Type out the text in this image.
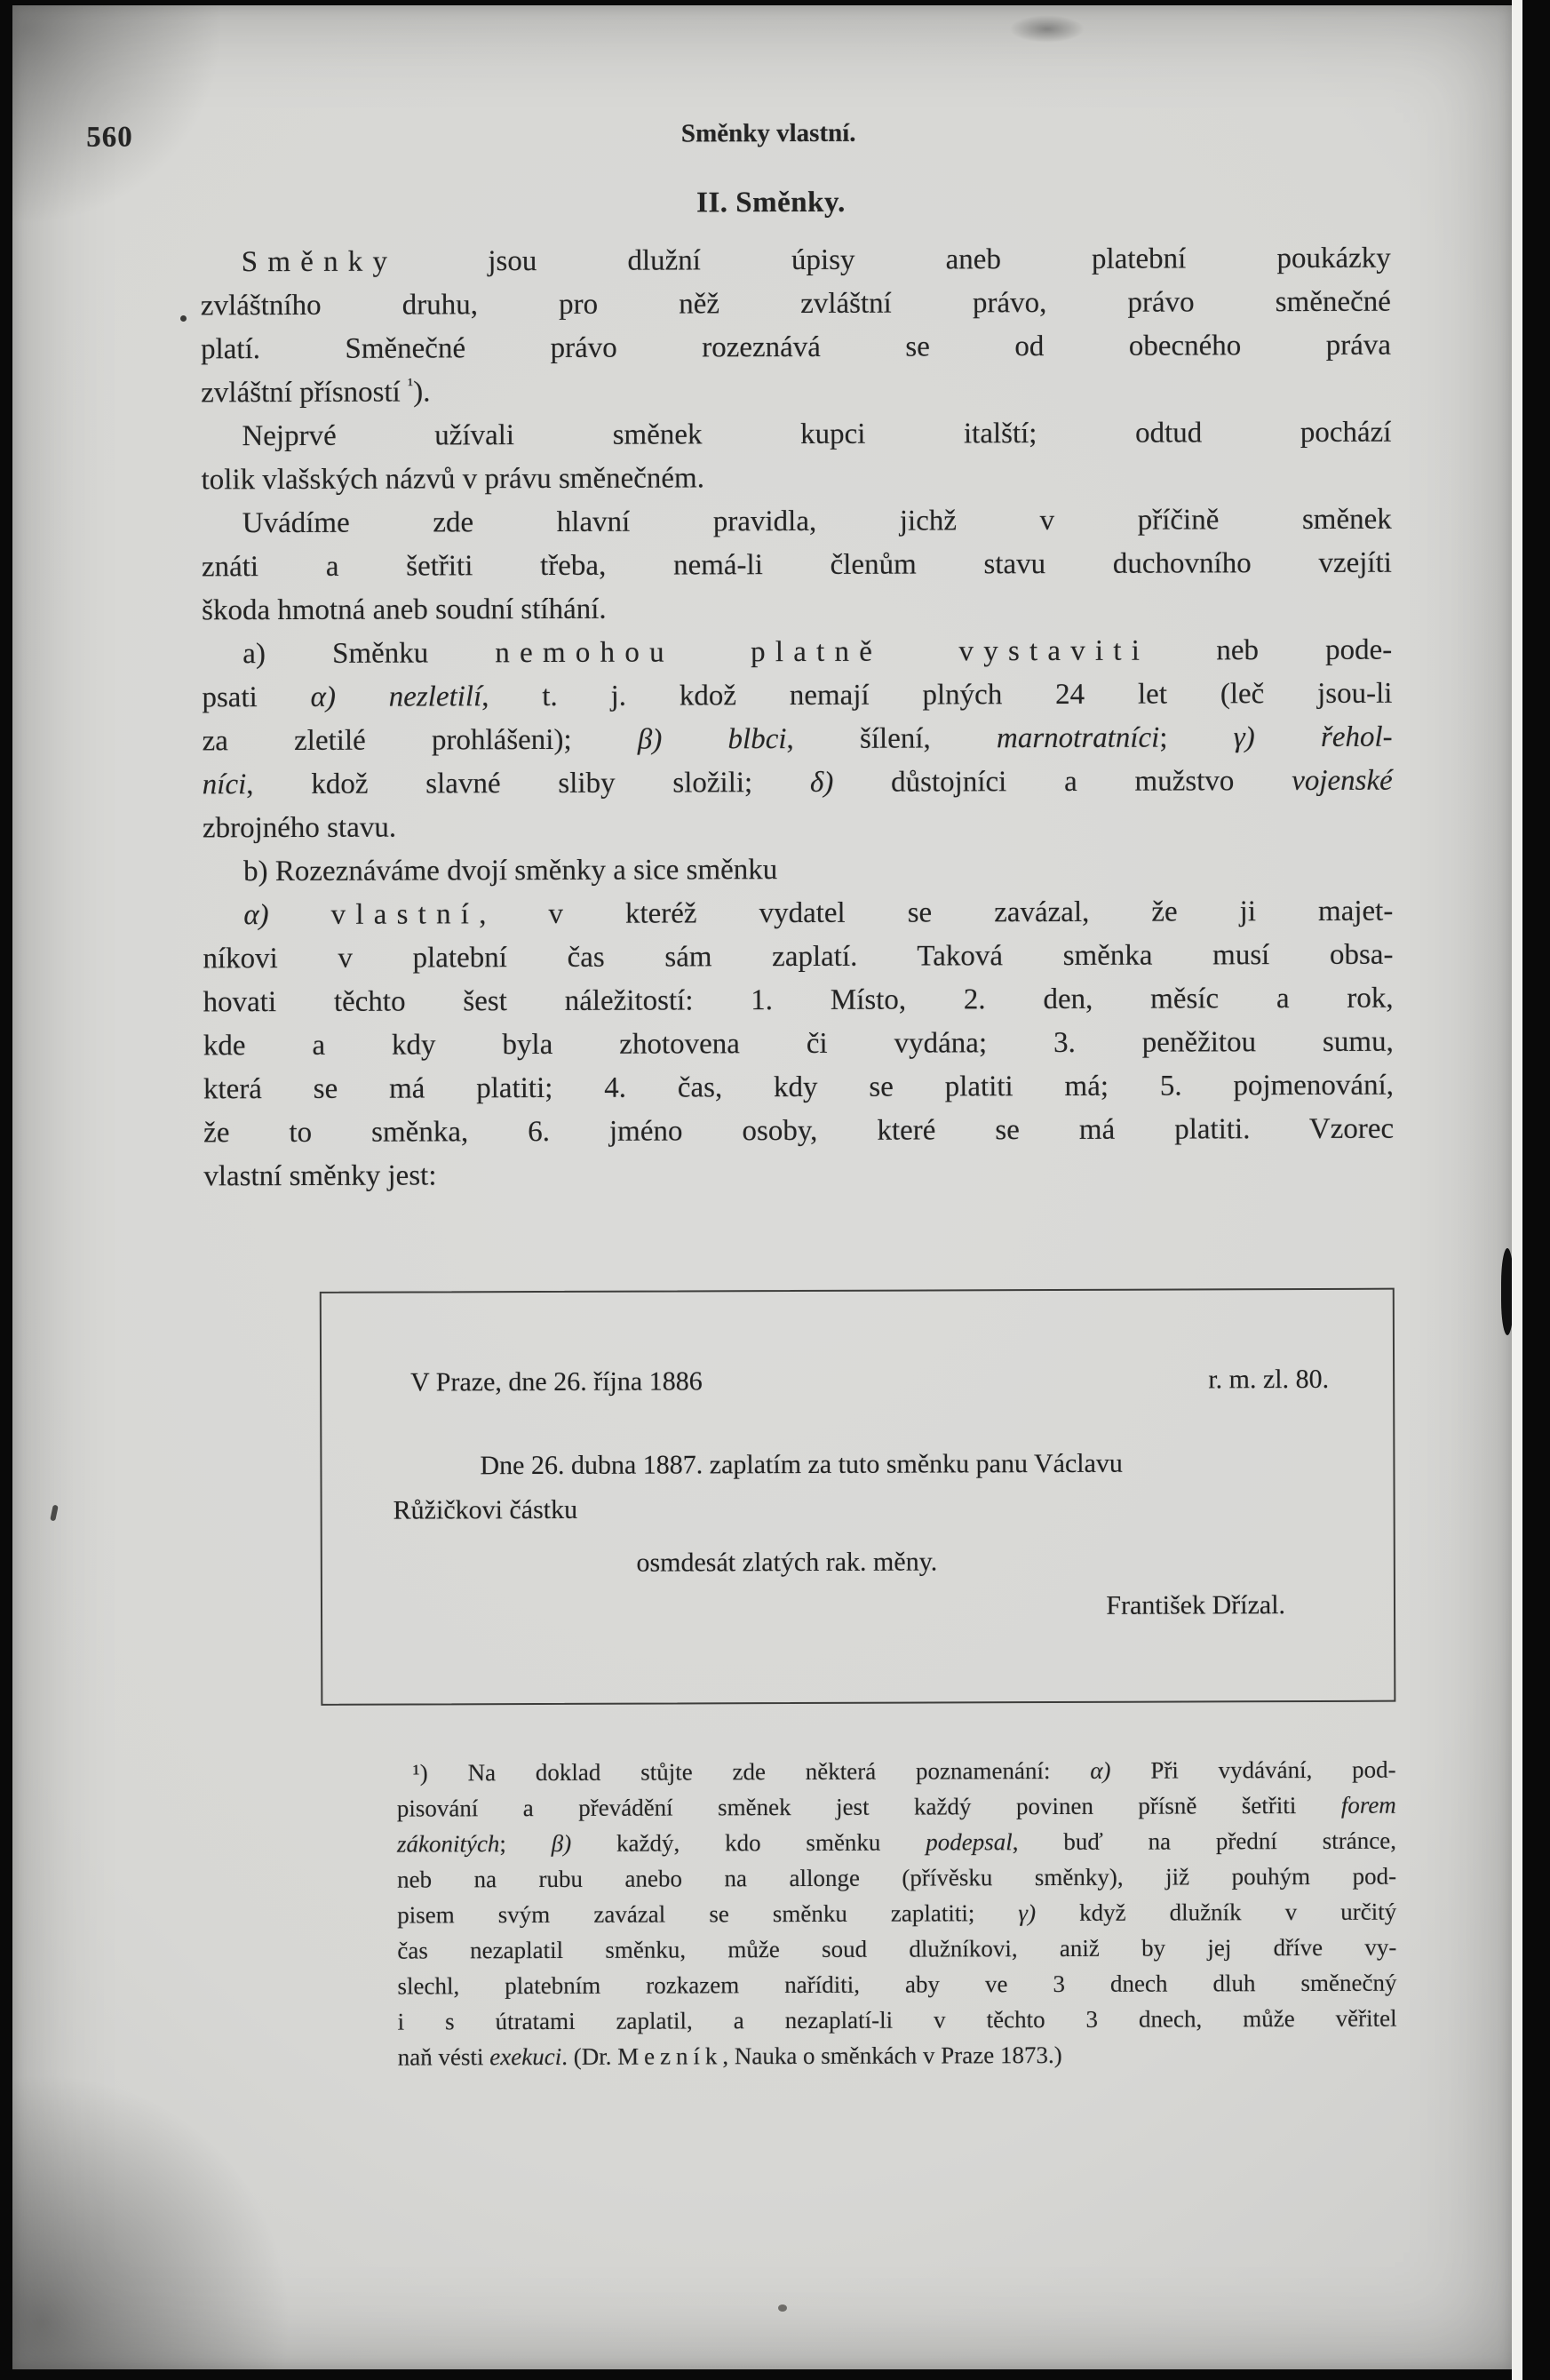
560	Směnky vlastní.
II. Směnky.

Směnky jsou dlužní úpisy aneb platební poukázky
zvláštního druhu, pro něž zvláštní právo, právo směnečné
platí. Směnečné právo rozeznává se od obecného práva
zvláštní přísností $^{^1}$).

Nejprvé užívali směnek kupci italští; odtud pochází
tolik vlašských názvů v právu směnečném.

Uvádíme zde hlavní pravidla, jichž v příčině směnek
znáti a šetřiti třeba, nemá-li členům stavu duchovního vzejíti
škoda hmotná aneb soudní stíhání.

a) Směnku nemohou platně vystaviti neb pode-
psati α) nezletilí, t. j. kdož nemají plných 24 let (leč jsou-li
za zletilé prohlášeni); β) blbci, šílení, marnotratníci; γ) řehol-
níci, kdož slavné sliby složili; δ) důstojníci a mužstvo vojenské
zbrojného stavu.

b) Rozeznáváme dvojí směnky a sice směnku

α) vlastní, v kteréž vydatel se zavázal, že ji majet-
níkovi v platební čas sám zaplatí. Taková směnka musí obsa-
hovati těchto šest náležitostí: 1. Místo, 2. den, měsíc a rok,
kde a kdy byla zhotovena či vydána; 3. peněžitou sumu,
která se má platiti; 4. čas, kdy se platiti má; 5. pojmenování,
že to směnka, 6. jméno osoby, které se má platiti. Vzorec
vlastní směnky jest:

V Praze, dne 26. října 1886	r. m. zl. 80.
Dne 26. dubna 1887. zaplatím za tuto směnku panu Václavu
Růžičkovi částku
osmdesát zlatých rak. měny.
František Dřízal.

¹) Na doklad stůjte zde některá poznamenání: α) Při vydávání, pod-
pisování a převádění směnek jest každý povinen přísně šetřiti forem
zákonitých; β) každý, kdo směnku podepsal, buď na přední stránce,
neb na rubu anebo na allonge (přívěsku směnky), již pouhým pod-
pisem svým zavázal se směnku zaplatiti; γ) když dlužník v určitý
čas nezaplatil směnku, může soud dlužníkovi, aniž by jej dříve vy-
slechl, platebním rozkazem naříditi, aby ve 3 dnech dluh směnečný
i s útratami zaplatil, a nezaplatí-li v těchto 3 dnech, může věřitel
naň vésti exekuci. (Dr. Mezník, Nauka o směnkách v Praze 1873.)
